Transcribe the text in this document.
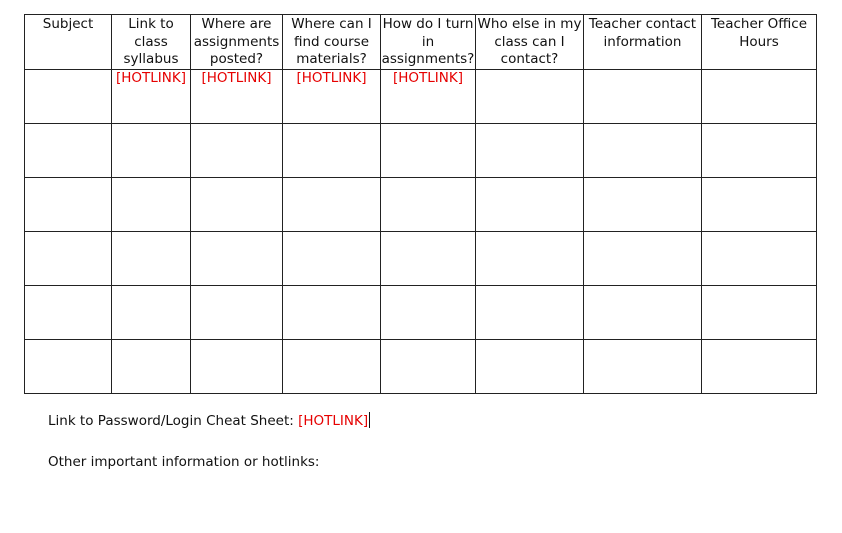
Subject	Link to class syllabus	Where are assignments posted?	Where can I find course materials?	How do I turn in assignments?	Who else in my class can I contact?	Teacher contact information	Teacher Office Hours
	[HOTLINK]	[HOTLINK]	[HOTLINK]	[HOTLINK]			

Link to Password/Login Cheat Sheet: [HOTLINK]
Other important information or hotlinks:
